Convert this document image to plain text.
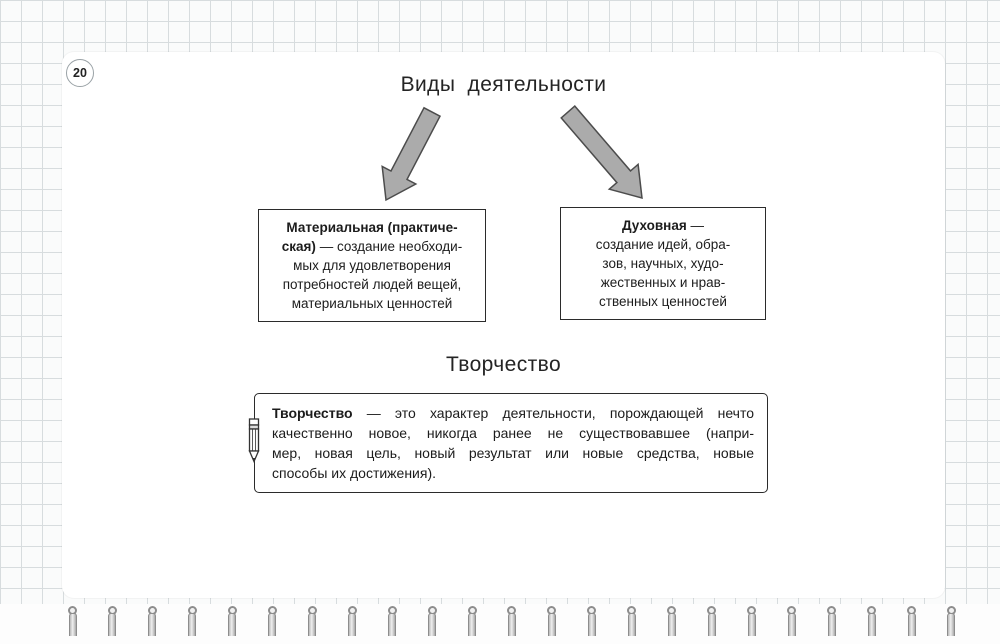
20	Виды деятельности
Материальная (практиче-
ская) — создание необходи-
мых для удовлетворения
потребностей людей вещей,
материальных ценностей
Духовная —
создание идей, обра-
зов, научных, худо-
жественных и нрав-
ственных ценностей
Творчество
Творчество — это характер деятельности, порождающей нечто
качественно новое, никогда ранее не существовавшее (напри-
мер, новая цель, новый результат или новые средства, новые
способы их достижения).
